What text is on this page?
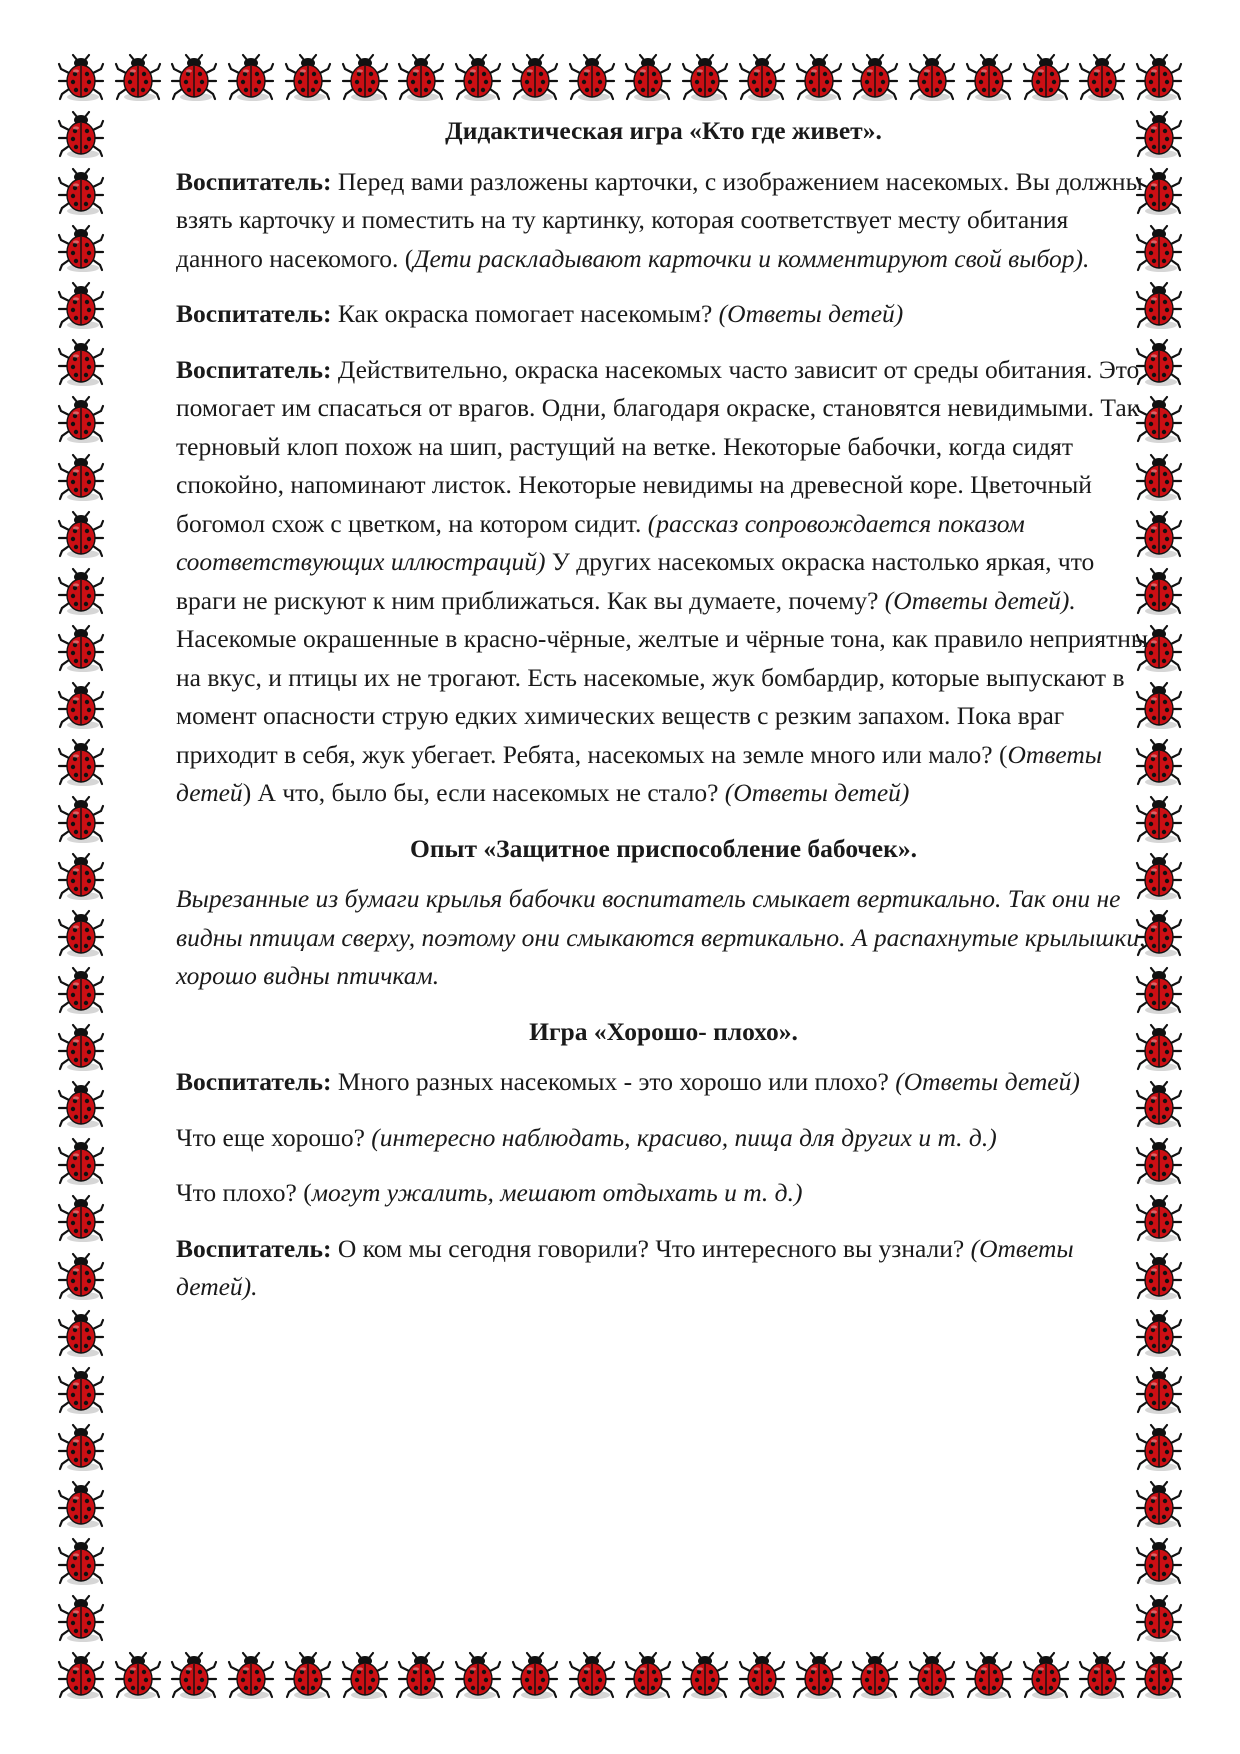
Дидактическая игра «Кто где живет».

Воспитатель: Перед вами разложены карточки, с изображением насекомых. Вы должны взять карточку и поместить на ту картинку, которая соответствует месту обитания данного насекомого. (Дети раскладывают карточки и комментируют свой выбор).

Воспитатель: Как окраска помогает насекомым? (Ответы детей)

Воспитатель: Действительно, окраска насекомых часто зависит от среды обитания. Это помогает им спасаться от врагов. Одни, благодаря окраске, становятся невидимыми. Так терновый клоп похож на шип, растущий на ветке. Некоторые бабочки, когда сидят спокойно, напоминают листок. Некоторые невидимы на древесной коре. Цветочный богомол схож с цветком, на котором сидит. (рассказ сопровождается показом соответствующих иллюстраций) У других насекомых окраска настолько яркая, что враги не рискуют к ним приближаться. Как вы думаете, почему? (Ответы детей). Насекомые окрашенные в красно-чёрные, желтые и чёрные тона, как правило неприятны на вкус, и птицы их не трогают. Есть насекомые, жук бомбардир, которые выпускают в момент опасности струю едких химических веществ с резким запахом. Пока враг приходит в себя, жук убегает. Ребята, насекомых на земле много или мало? (Ответы детей) А что, было бы, если насекомых не стало? (Ответы детей)

Опыт «Защитное приспособление бабочек».

Вырезанные из бумаги крылья бабочки воспитатель смыкает вертикально. Так они не видны птицам сверху, поэтому они смыкаются вертикально. А распахнутые крылышки, хорошо видны птичкам.

Игра «Хорошо- плохо».

Воспитатель: Много разных насекомых - это хорошо или плохо? (Ответы детей)

Что еще хорошо? (интересно наблюдать, красиво, пища для других и т. д.)

Что плохо? (могут ужалить, мешают отдыхать и т. д.)

Воспитатель: О ком мы сегодня говорили? Что интересного вы узнали? (Ответы детей).
